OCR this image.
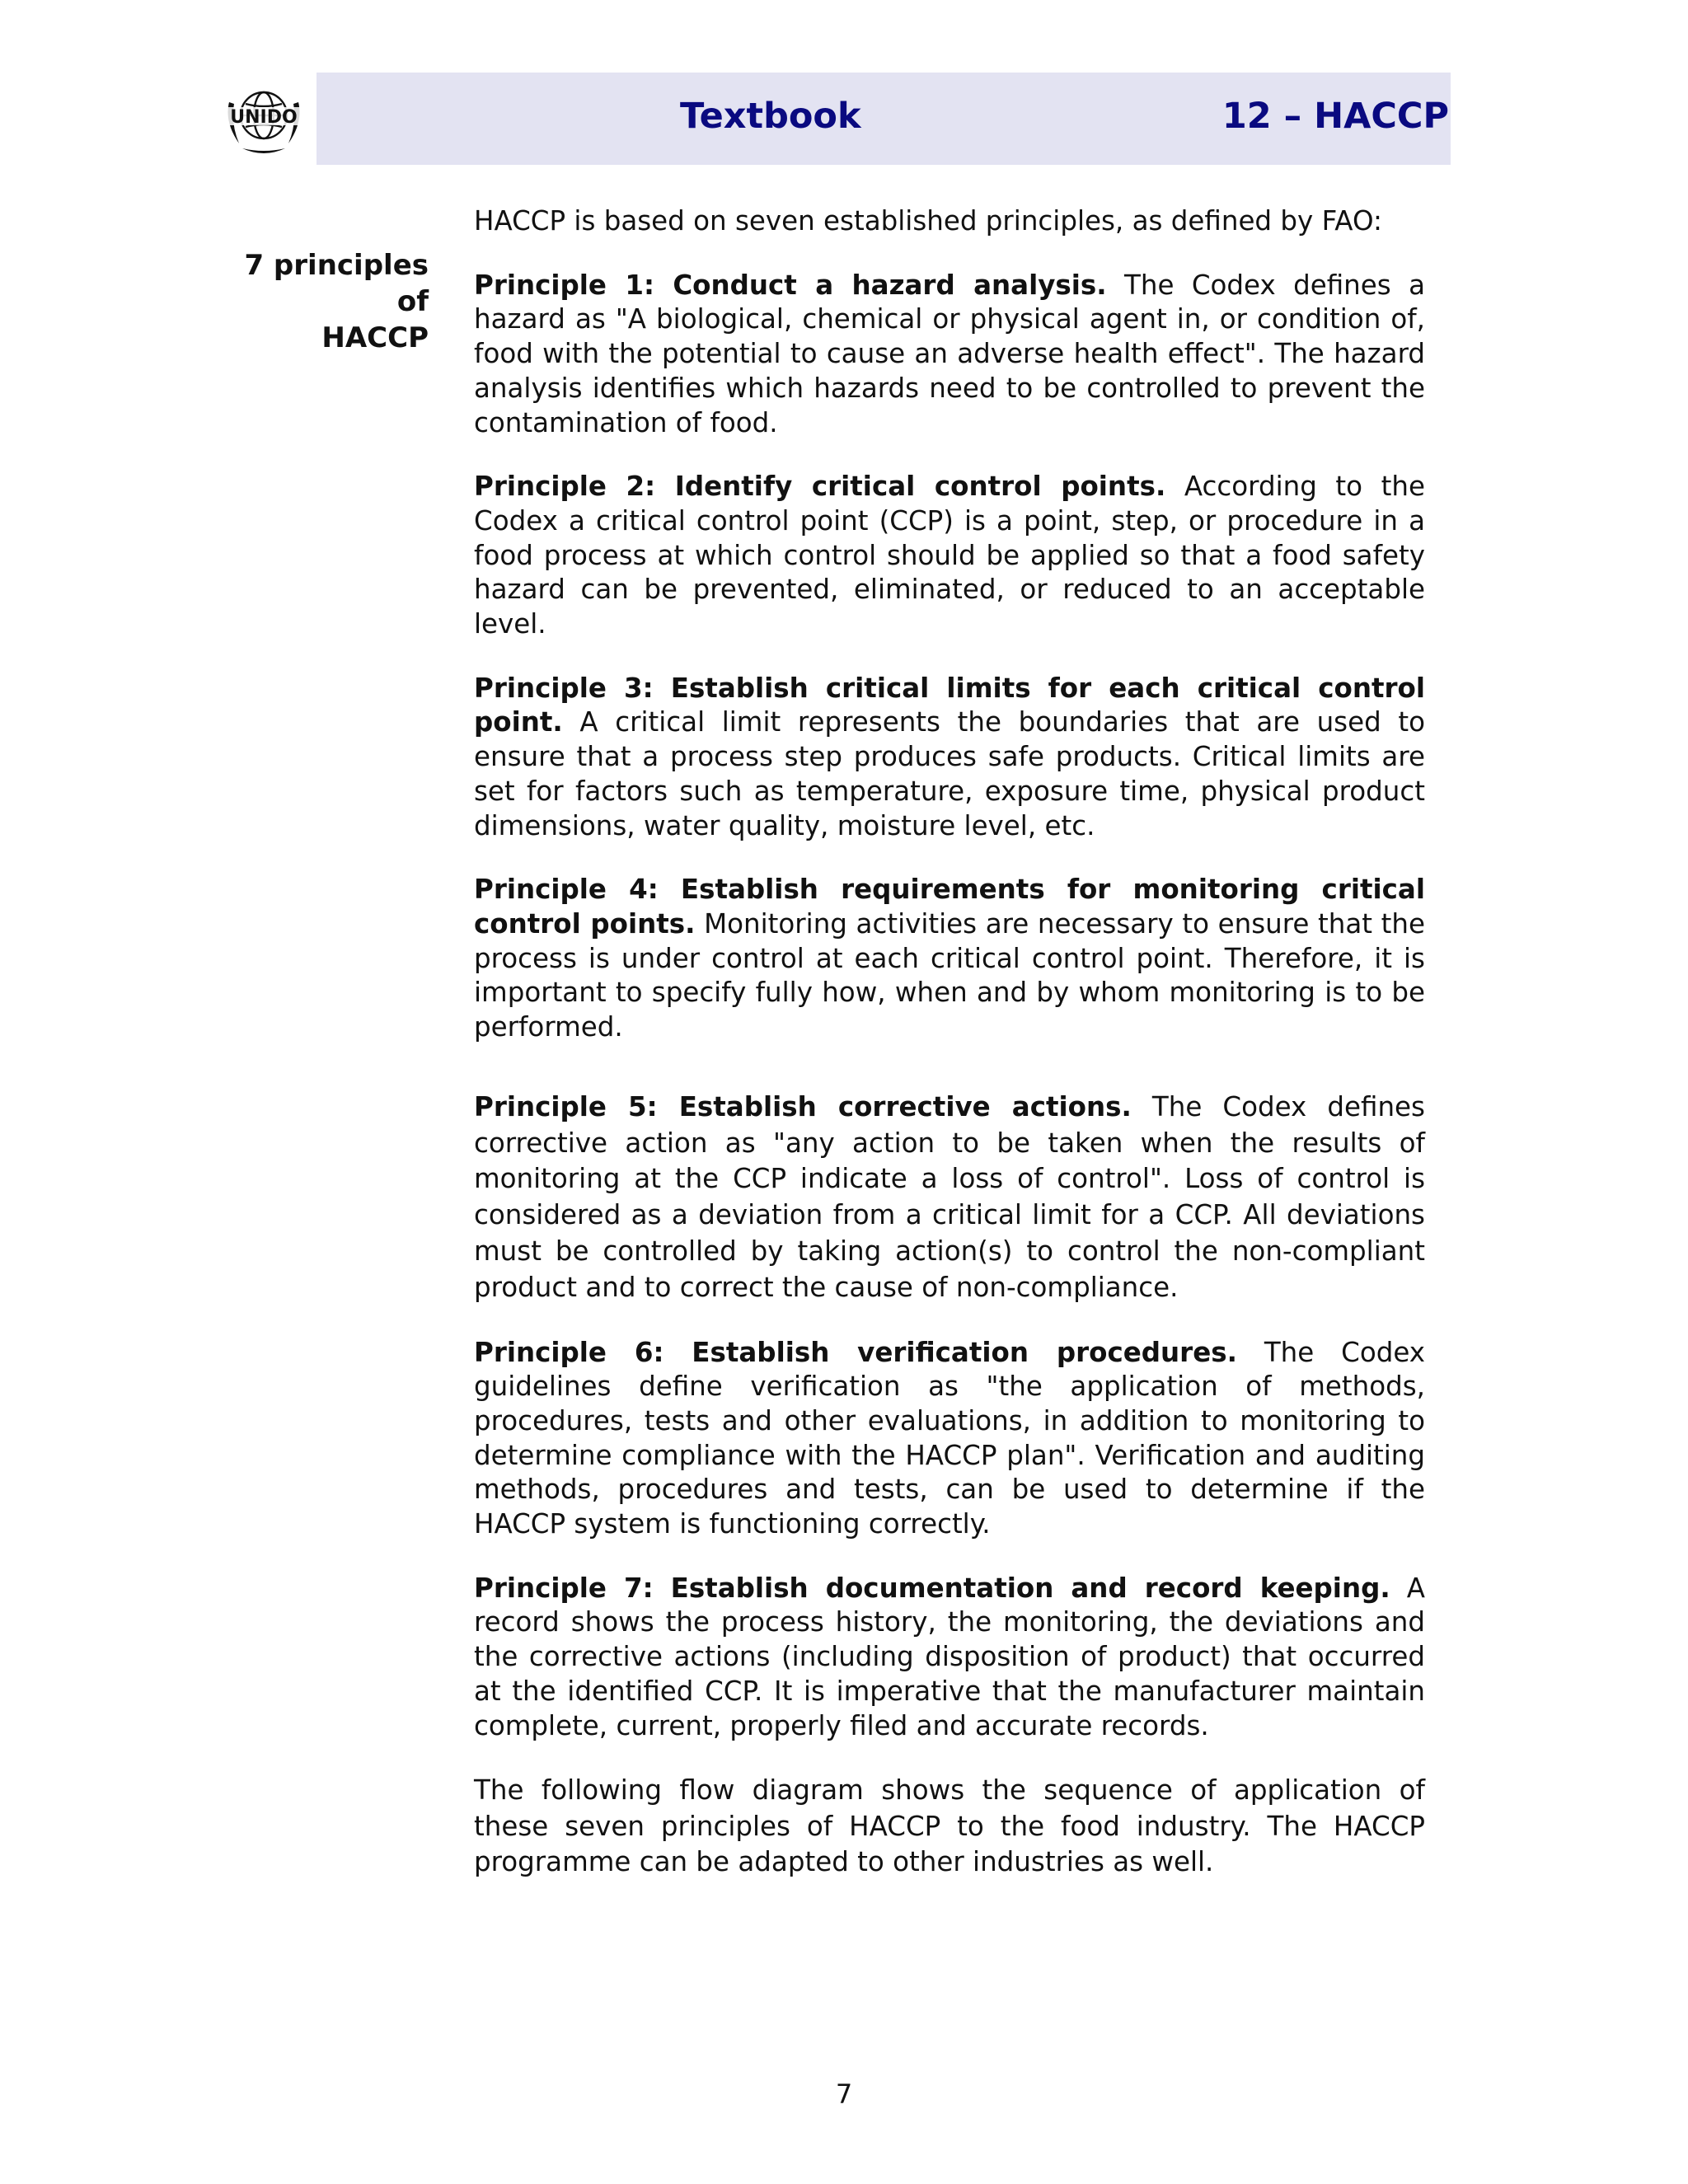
UNIDO	Textbook	12 – HACCP
7 principles of
HACCP

HACCP is based on seven established principles, as defined by FAO:

Principle 1: Conduct a hazard analysis. The Codex defines a hazard as "A biological, chemical or physical agent in, or condition of, food with the potential to cause an adverse health effect". The hazard analysis identifies which hazards need to be controlled to prevent the contamination of food.

Principle 2: Identify critical control points. According to the Codex a critical control point (CCP) is a point, step, or procedure in a food process at which control should be applied so that a food safety hazard can be prevented, eliminated, or reduced to an acceptable level.

Principle 3: Establish critical limits for each critical control point. A critical limit represents the boundaries that are used to ensure that a process step produces safe products. Critical limits are set for factors such as temperature, exposure time, physical product dimensions, water quality, moisture level, etc.

Principle 4: Establish requirements for monitoring critical control points. Monitoring activities are necessary to ensure that the process is under control at each critical control point. Therefore, it is important to specify fully how, when and by whom monitoring is to be performed.

Principle 5: Establish corrective actions. The Codex defines corrective action as "any action to be taken when the results of monitoring at the CCP indicate a loss of control". Loss of control is considered as a deviation from a critical limit for a CCP. All deviations must be controlled by taking action(s) to control the non-compliant product and to correct the cause of non-compliance.

Principle 6: Establish verification procedures. The Codex guidelines define verification as "the application of methods, procedures, tests and other evaluations, in addition to monitoring to determine compliance with the HACCP plan". Verification and auditing methods, procedures and tests, can be used to determine if the HACCP system is functioning correctly.

Principle 7: Establish documentation and record keeping. A record shows the process history, the monitoring, the deviations and the corrective actions (including disposition of product) that occurred at the identified CCP. It is imperative that the manufacturer maintain complete, current, properly filed and accurate records.

The following flow diagram shows the sequence of application of these seven principles of HACCP to the food industry. The HACCP programme can be adapted to other industries as well.

7
